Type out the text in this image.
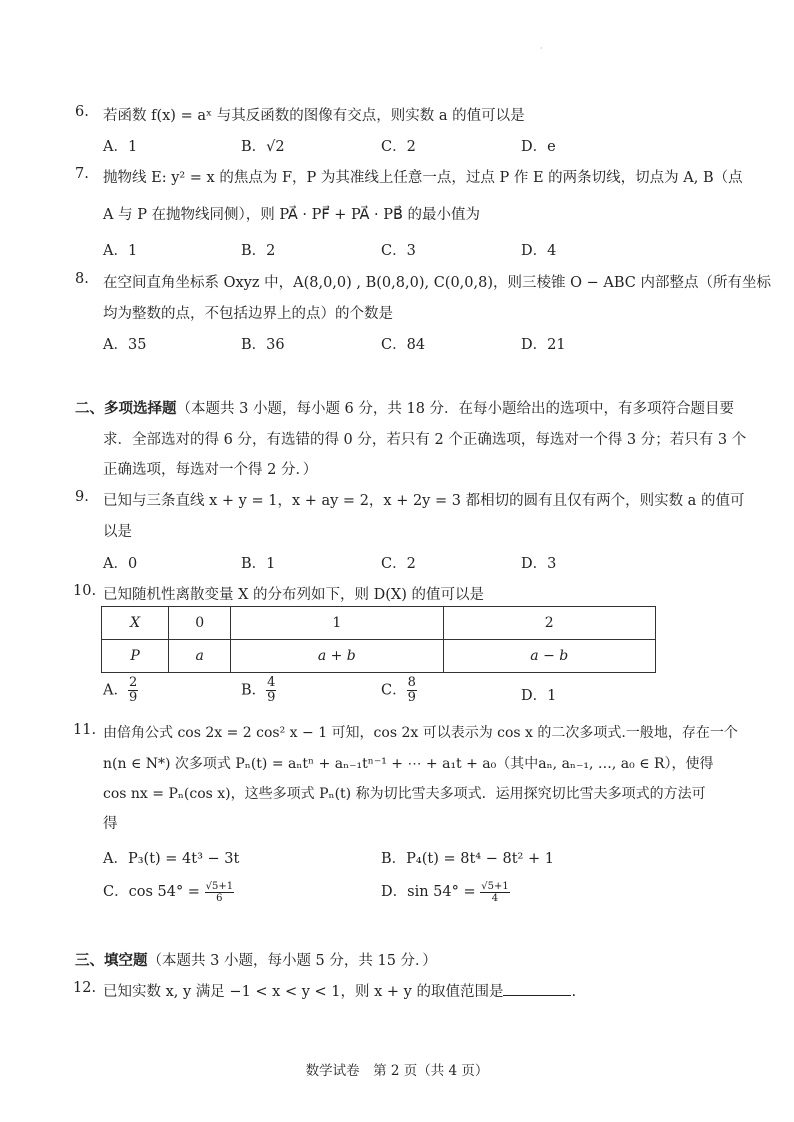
·
6. 若函数 f(x) = aˣ 与其反函数的图像有交点，则实数 a 的值可以是
A．1	B．√2	C．2	D．e
7. 抛物线 E: y² = x 的焦点为 F，P 为其准线上任意一点，过点 P 作 E 的两条切线，切点为 A, B（点
A 与 P 在抛物线同侧），则 PA⃗ · PF⃗ + PA⃗ · PB⃗ 的最小值为
A．1	B．2	C．3	D．4
8. 在空间直角坐标系 Oxyz 中，A(8,0,0) , B(0,8,0), C(0,0,8)，则三棱锥 O − ABC 内部整点（所有坐标
均为整数的点，不包括边界上的点）的个数是
A．35	B．36	C．84	D．21
二、多项选择题（本题共 3 小题，每小题 6 分，共 18 分．在每小题给出的选项中，有多项符合题目要
求．全部选对的得 6 分，有选错的得 0 分，若只有 2 个正确选项，每选对一个得 3 分；若只有 3 个
正确选项，每选对一个得 2 分．）
9. 已知与三条直线 x + y = 1，x + ay = 2，x + 2y = 3 都相切的圆有且仅有两个，则实数 a 的值可
以是
A．0	B．1	C．2	D．3
10. 已知随机性离散变量 X 的分布列如下，则 D(X) 的值可以是
X	0	1	2
P	a	a + b	a − b
A． $\frac{2}{9}$	B． $\frac{4}{9}$	C． $\frac{8}{9}$	D．1
11. 由倍角公式 cos 2x = 2 cos² x − 1 可知，cos 2x 可以表示为 cos x 的二次多项式.一般地，存在一个
n(n ∈ N*) 次多项式 Pₙ(t) = aₙtⁿ + aₙ₋₁tⁿ⁻¹ + ⋯ + a₁t + a₀（其中aₙ, aₙ₋₁, …, a₀ ∈ R），使得
cos nx = Pₙ(cos x)，这些多项式 Pₙ(t) 称为切比雪夫多项式．运用探究切比雪夫多项式的方法可
得
A．P₃(t) = 4t³ − 3t	B．P₄(t) = 8t⁴ − 8t² + 1
C．$\cos 54^\circ = \frac{√5+1}{6}$	D．$\sin 54^\circ = \frac{√5+1}{4}$
三、填空题（本题共 3 小题，每小题 5 分，共 15 分．）
12. 已知实数 x, y 满足 −1 < x < y < 1，则 x + y 的取值范围是	.
数学试卷　第 2 页（共 4 页）
